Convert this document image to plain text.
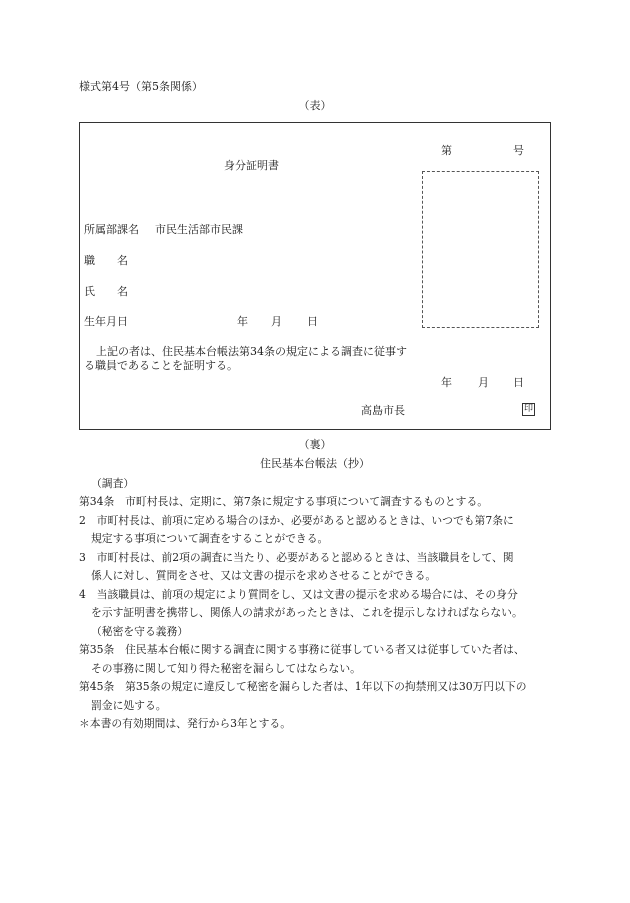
様式第4号（第5条関係）
（表）
第	号
身分証明書
所属部課名 市民生活部市民課
職　　名
氏　　名
生年月日	年 月 日
上記の者は、住民基本台帳法第34条の規定による調査に従事す
る職員であることを証明する。
年 月 日
高島市長	印
（裏）
住民基本台帳法（抄）
（調査）
第34条　市町村長は、定期に、第7条に規定する事項について調査するものとする。
2　市町村長は、前項に定める場合のほか、必要があると認めるときは、いつでも第7条に
規定する事項について調査をすることができる。
3　市町村長は、前2項の調査に当たり、必要があると認めるときは、当該職員をして、関
係人に対し、質問をさせ、又は文書の提示を求めさせることができる。
4　当該職員は、前項の規定により質問をし、又は文書の提示を求める場合には、その身分
を示す証明書を携帯し、関係人の請求があったときは、これを提示しなければならない。
（秘密を守る義務）
第35条　住民基本台帳に関する調査に関する事務に従事している者又は従事していた者は、
その事務に関して知り得た秘密を漏らしてはならない。
第45条　第35条の規定に違反して秘密を漏らした者は、1年以下の拘禁刑又は30万円以下の
罰金に処する。
＊本書の有効期間は、発行から3年とする。
